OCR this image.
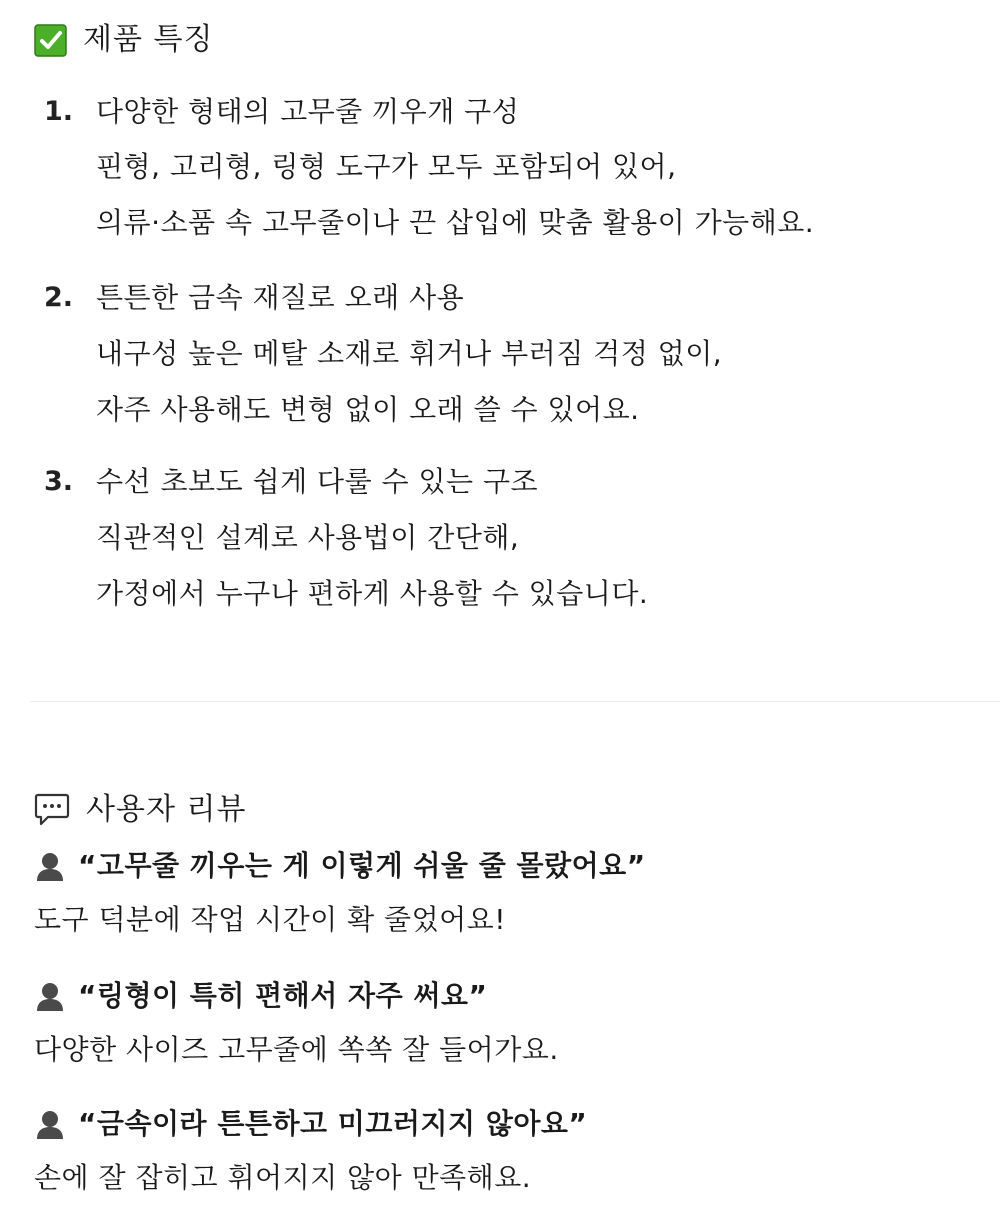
제품 특징
1. 다양한 형태의 고무줄 끼우개 구성
핀형, 고리형, 링형 도구가 모두 포함되어 있어,
의류·소품 속 고무줄이나 끈 삽입에 맞춤 활용이 가능해요.
2. 튼튼한 금속 재질로 오래 사용
내구성 높은 메탈 소재로 휘거나 부러짐 걱정 없이,
자주 사용해도 변형 없이 오래 쓸 수 있어요.
3. 수선 초보도 쉽게 다룰 수 있는 구조
직관적인 설계로 사용법이 간단해,
가정에서 누구나 편하게 사용할 수 있습니다.
사용자 리뷰
“고무줄 끼우는 게 이렇게 쉬울 줄 몰랐어요”
도구 덕분에 작업 시간이 확 줄었어요!
“링형이 특히 편해서 자주 써요”
다양한 사이즈 고무줄에 쏙쏙 잘 들어가요.
“금속이라 튼튼하고 미끄러지지 않아요”
손에 잘 잡히고 휘어지지 않아 만족해요.
